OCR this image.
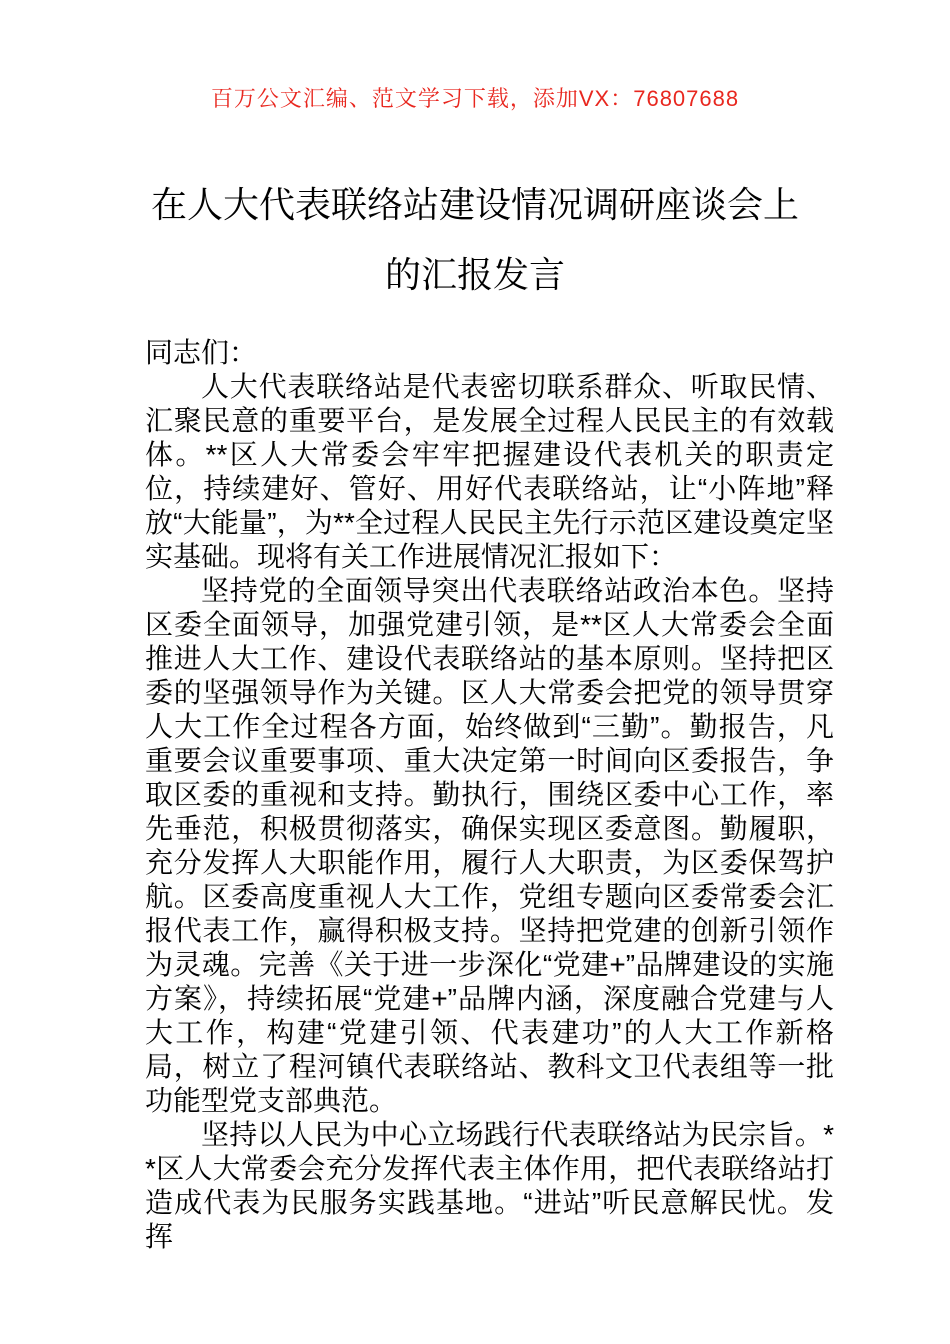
百万公文汇编、范文学习下载，添加VX：76807688
在人大代表联络站建设情况调研座谈会上
的汇报发言

同志们：

人大代表联络站是代表密切联系群众、听取民情、汇聚民意的重要平台，是发展全过程人民民主的有效载体。**区人大常委会牢牢把握建设代表机关的职责定位，持续建好、管好、用好代表联络站，让“小阵地”释放“大能量”，为**全过程人民民主先行示范区建设奠定坚实基础。现将有关工作进展情况汇报如下：

坚持党的全面领导突出代表联络站政治本色。坚持区委全面领导，加强党建引领，是**区人大常委会全面推进人大工作、建设代表联络站的基本原则。坚持把区委的坚强领导作为关键。区人大常委会把党的领导贯穿人大工作全过程各方面，始终做到“三勤”。勤报告，凡重要会议重要事项、重大决定第一时间向区委报告，争取区委的重视和支持。勤执行，围绕区委中心工作，率先垂范，积极贯彻落实，确保实现区委意图。勤履职，充分发挥人大职能作用，履行人大职责，为区委保驾护航。区委高度重视人大工作，党组专题向区委常委会汇报代表工作，赢得积极支持。坚持把党建的创新引领作为灵魂。完善《关于进一步深化“党建+”品牌建设的实施方案》，持续拓展“党建+”品牌内涵，深度融合党建与人大工作，构建“党建引领、代表建功”的人大工作新格局，树立了程河镇代表联络站、教科文卫代表组等一批功能型党支部典范。

坚持以人民为中心立场践行代表联络站为民宗旨。**区人大常委会充分发挥代表主体作用，把代表联络站打造成代表为民服务实践基地。“进站”听民意解民忧。发挥
